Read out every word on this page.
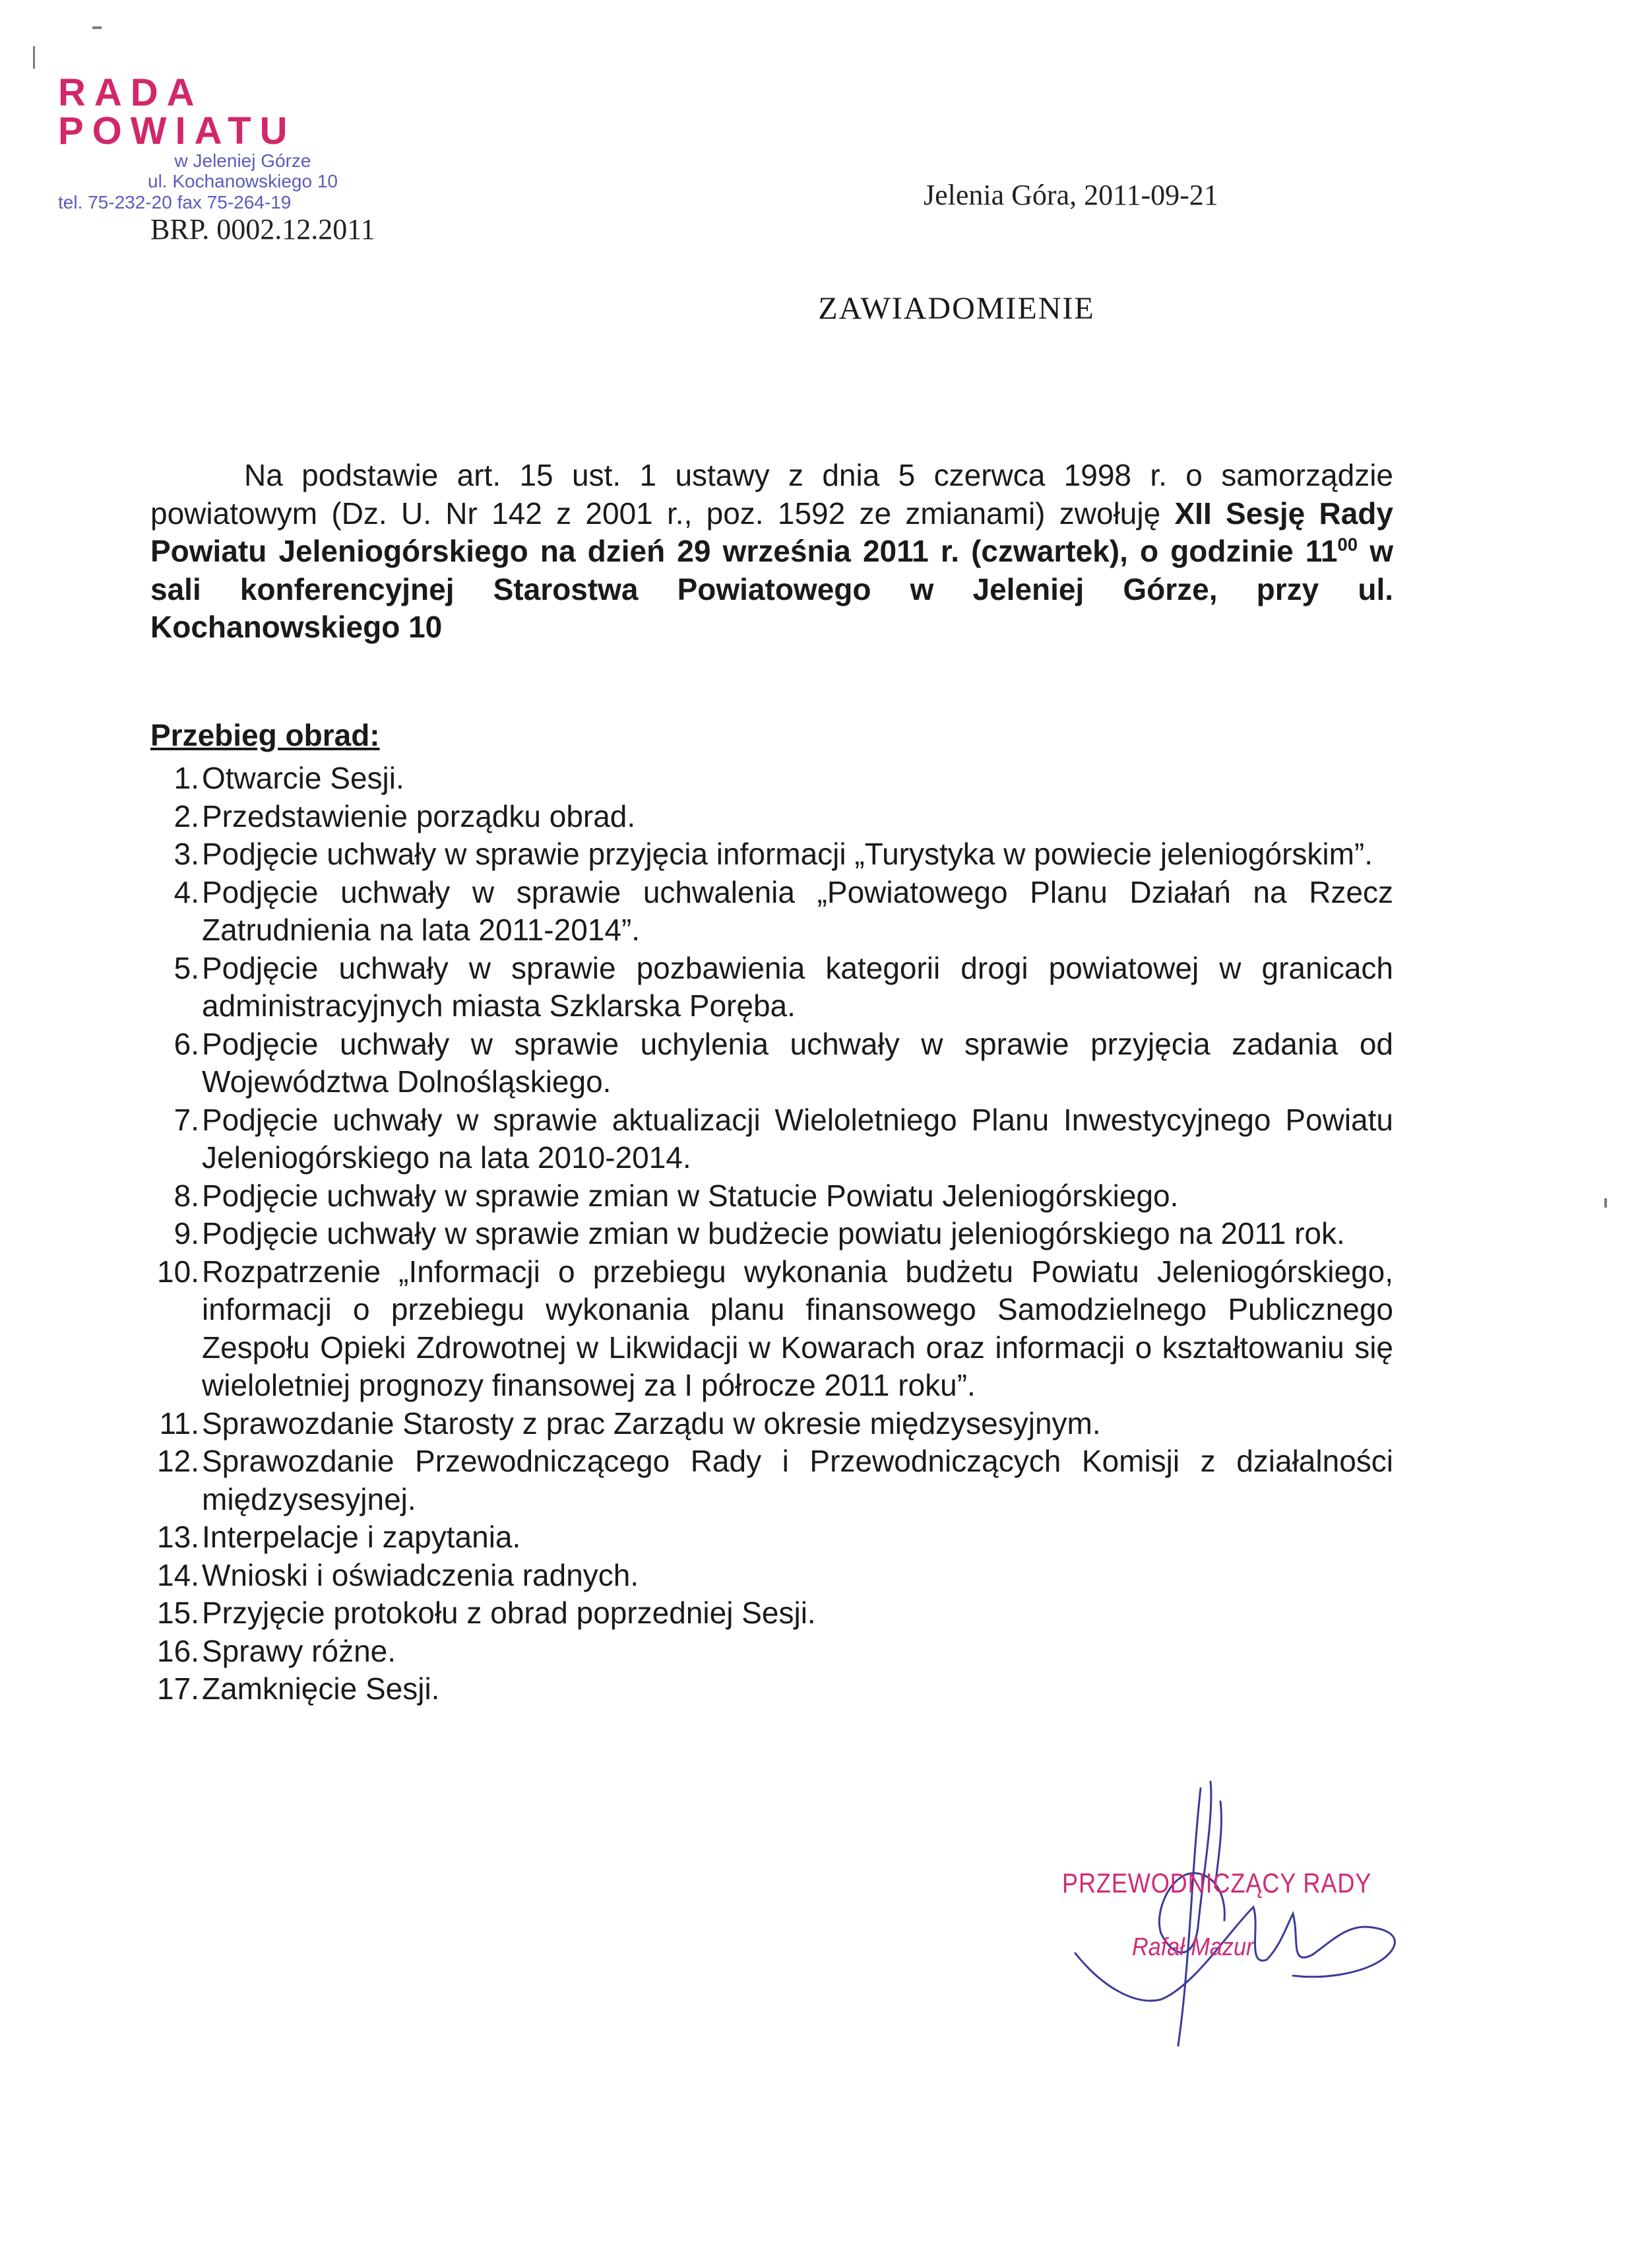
RADA POWIATU
w Jeleniej Górze
ul. Kochanowskiego 10
tel. 75-232-20 fax 75-264-19
BRP. 0002.12.2011
Jelenia Góra, 2011-09-21
ZAWIADOMIENIE

Na podstawie art. 15 ust. 1 ustawy z dnia 5 czerwca 1998 r. o samorządzie powiatowym (Dz. U. Nr 142 z 2001 r., poz. 1592 ze zmianami) zwołuję XII Sesję Rady Powiatu Jeleniogórskiego na dzień 29 września 2011 r. (czwartek), o godzinie $11^{00}$ w sali konferencyjnej Starostwa Powiatowego w Jeleniej Górze, przy ul. Kochanowskiego 10

Przebieg obrad:
1. Otwarcie Sesji.
2. Przedstawienie porządku obrad.
3. Podjęcie uchwały w sprawie przyjęcia informacji „Turystyka w powiecie jeleniogórskim”.
4. Podjęcie uchwały w sprawie uchwalenia „Powiatowego Planu Działań na Rzecz Zatrudnienia na lata 2011-2014”.
5. Podjęcie uchwały w sprawie pozbawienia kategorii drogi powiatowej w granicach administracyjnych miasta Szklarska Poręba.
6. Podjęcie uchwały w sprawie uchylenia uchwały w sprawie przyjęcia zadania od Województwa Dolnośląskiego.
7. Podjęcie uchwały w sprawie aktualizacji Wieloletniego Planu Inwestycyjnego Powiatu Jeleniogórskiego na lata 2010-2014.
8. Podjęcie uchwały w sprawie zmian w Statucie Powiatu Jeleniogórskiego.
9. Podjęcie uchwały w sprawie zmian w budżecie powiatu jeleniogórskiego na 2011 rok.
10. Rozpatrzenie „Informacji o przebiegu wykonania budżetu Powiatu Jeleniogórskiego, informacji o przebiegu wykonania planu finansowego Samodzielnego Publicznego Zespołu Opieki Zdrowotnej w Likwidacji w Kowarach oraz informacji o kształtowaniu się wieloletniej prognozy finansowej za I półrocze 2011 roku”.
11. Sprawozdanie Starosty z prac Zarządu w okresie międzysesyjnym.
12. Sprawozdanie Przewodniczącego Rady i Przewodniczących Komisji z działalności międzysesyjnej.
13. Interpelacje i zapytania.
14. Wnioski i oświadczenia radnych.
15. Przyjęcie protokołu z obrad poprzedniej Sesji.
16. Sprawy różne.
17. Zamknięcie Sesji.
PRZEWODNICZĄCY RADY
Rafał Mazur
